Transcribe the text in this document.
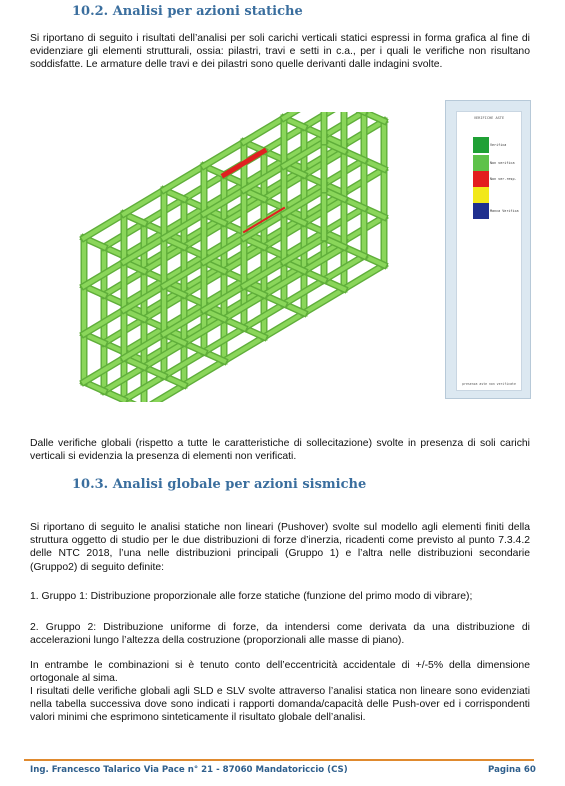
10.2. Analisi per azioni statiche

Si riportano di seguito i risultati dell’analisi per soli carichi verticali statici espressi in forma grafica al fine di evidenziare gli elementi strutturali, ossia: pilastri, travi e setti in c.a., per i quali le verifiche non risultano soddisfatte. Le armature delle travi e dei pilastri sono quelle derivanti dalle indagini svolte.

VERIFICHE ASTE
Verifica
Non verifica
Non ver.resp.
Manca Verifica
presenza aste non verificate

Dalle verifiche globali (rispetto a tutte le caratteristiche di sollecitazione) svolte in presenza di soli carichi verticali si evidenzia la presenza di elementi non verificati.

10.3. Analisi globale per azioni sismiche

Si riportano di seguito le analisi statiche non lineari (Pushover) svolte sul modello agli elementi finiti della struttura oggetto di studio per le due distribuzioni di forze d’inerzia, ricadenti come previsto al punto 7.3.4.2 delle NTC 2018, l’una nelle distribuzioni principali (Gruppo 1) e l’altra nelle distribuzioni secondarie (Gruppo2) di seguito definite:

1. Gruppo 1: Distribuzione proporzionale alle forze statiche (funzione del primo modo di vibrare);

2. Gruppo 2: Distribuzione uniforme di forze, da intendersi come derivata da una distribuzione di accelerazioni lungo l’altezza della costruzione (proporzionali alle masse di piano).

In entrambe le combinazioni si è tenuto conto dell’eccentricità accidentale di +/-5% della dimensione ortogonale al sima.

I risultati delle verifiche globali agli SLD e SLV svolte attraverso l’analisi statica non lineare sono evidenziati nella tabella successiva dove sono indicati i rapporti domanda/capacità delle Push-over ed i corrispondenti valori minimi che esprimono sinteticamente il risultato globale dell’analisi.

Ing. Francesco Talarico Via Pace n° 21 - 87060 Mandatoriccio (CS)	Pagina 60
